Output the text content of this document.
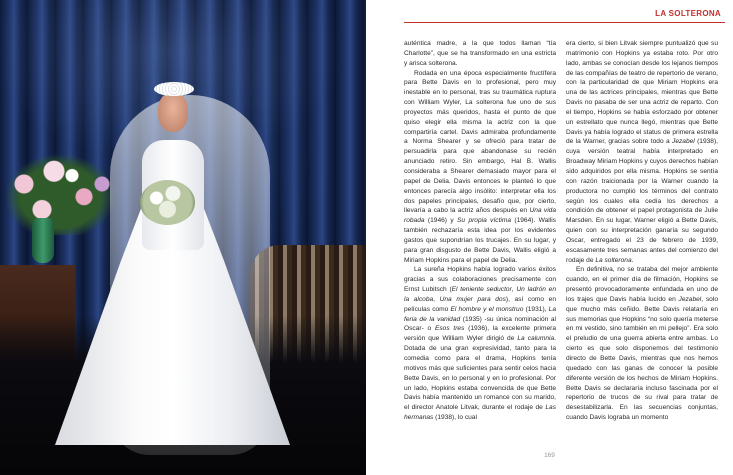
LA SOLTERONA

auténtica madre, a la que todos llaman “tía Charlotte”, que se ha transformado en una estricta y arisca solterona.

Rodada en una época especialmente fructífera para Bette Davis en lo profesional, pero muy inestable en lo personal, tras su traumática ruptura con William Wyler, La solterona fue uno de sus proyectos más queridos, hasta el punto de que quiso elegir ella misma la actriz con la que compartiría cartel. Davis admiraba profundamente a Norma Shearer y se ofreció para tratar de persuadirla para que abandonase su recién anunciado retiro. Sin embargo, Hal B. Wallis consideraba a Shearer demasiado mayor para el papel de Delia. Davis entonces le planteó lo que entonces parecía algo insólito: interpretar ella los dos papeles principales, desafío que, por cierto, llevaría a cabo la actriz años después en Una vida robada (1946) y Su propia víctima (1964). Wallis también rechazaría esta idea por los evidentes gastos que supondrían los trucajes. En su lugar, y para gran disgusto de Bette Davis, Wallis eligió a Miriam Hopkins para el papel de Delia.

La sureña Hopkins había logrado varios éxitos gracias a sus colaboraciones precisamente con Ernst Lubitsch (El teniente seductor, Un ladrón en la alcoba, Una mujer para dos), así como en películas como El hombre y el monstruo (1931), La feria de la vanidad (1935) -su única nominación al Oscar- o Esos tres (1936), la excelente primera versión que William Wyler dirigió de La calumnia. Dotada de una gran expresividad, tanto para la comedia como para el drama, Hopkins tenía motivos más que suficientes para sentir celos hacia Bette Davis, en lo personal y en lo profesional. Por un lado, Hopkins estaba convencida de que Bette Davis había mantenido un romance con su marido, el director Anatole Litvak, durante el rodaje de Las hermanas (1938), lo cual

era cierto, si bien Litvak siempre puntualizó que su matrimonio con Hopkins ya estaba roto. Por otro lado, ambas se conocían desde los lejanos tiempos de las compañías de teatro de repertorio de verano, con la particularidad de que Miriam Hopkins era una de las actrices principales, mientras que Bette Davis no pasaba de ser una actriz de reparto. Con el tiempo, Hopkins se había esforzado por obtener un estrellato que nunca llegó, mientras que Bette Davis ya había logrado el status de primera estrella de la Warner, gracias sobre todo a Jezabel (1938), cuya versión teatral había interpretado en Broadway Miriam Hopkins y cuyos derechos habían sido adquiridos por ella misma. Hopkins se sentía con razón traicionada por la Warner cuando la productora no cumplió los términos del contrato según los cuales ella cedía los derechos a condición de obtener el papel protagonista de Julie Marsden. En su lugar, Warner eligió a Bette Davis, quien con su interpretación ganaría su segundo Oscar, entregado el 23 de febrero de 1939, escasamente tres semanas antes del comienzo del rodaje de La solterona.

En definitiva, no se trataba del mejor ambiente cuando, en el primer día de filmación, Hopkins se presentó provocadoramente enfundada en uno de los trajes que Davis había lucido en Jezabel, solo que mucho más ceñido. Bette Davis relataría en sus memorias que Hopkins “no solo quería meterse en mi vestido, sino también en mi pellejo”. Era solo el preludio de una guerra abierta entre ambas. Lo cierto es que solo disponemos del testimonio directo de Bette Davis, mientras que nos hemos quedado con las ganas de conocer la posible diferente versión de los hechos de Miriam Hopkins. Bette Davis se declararía incluso fascinada por el repertorio de trucos de su rival para tratar de desestabilizarla. En las secuencias conjuntas, cuando Davis lograba un momento

169
